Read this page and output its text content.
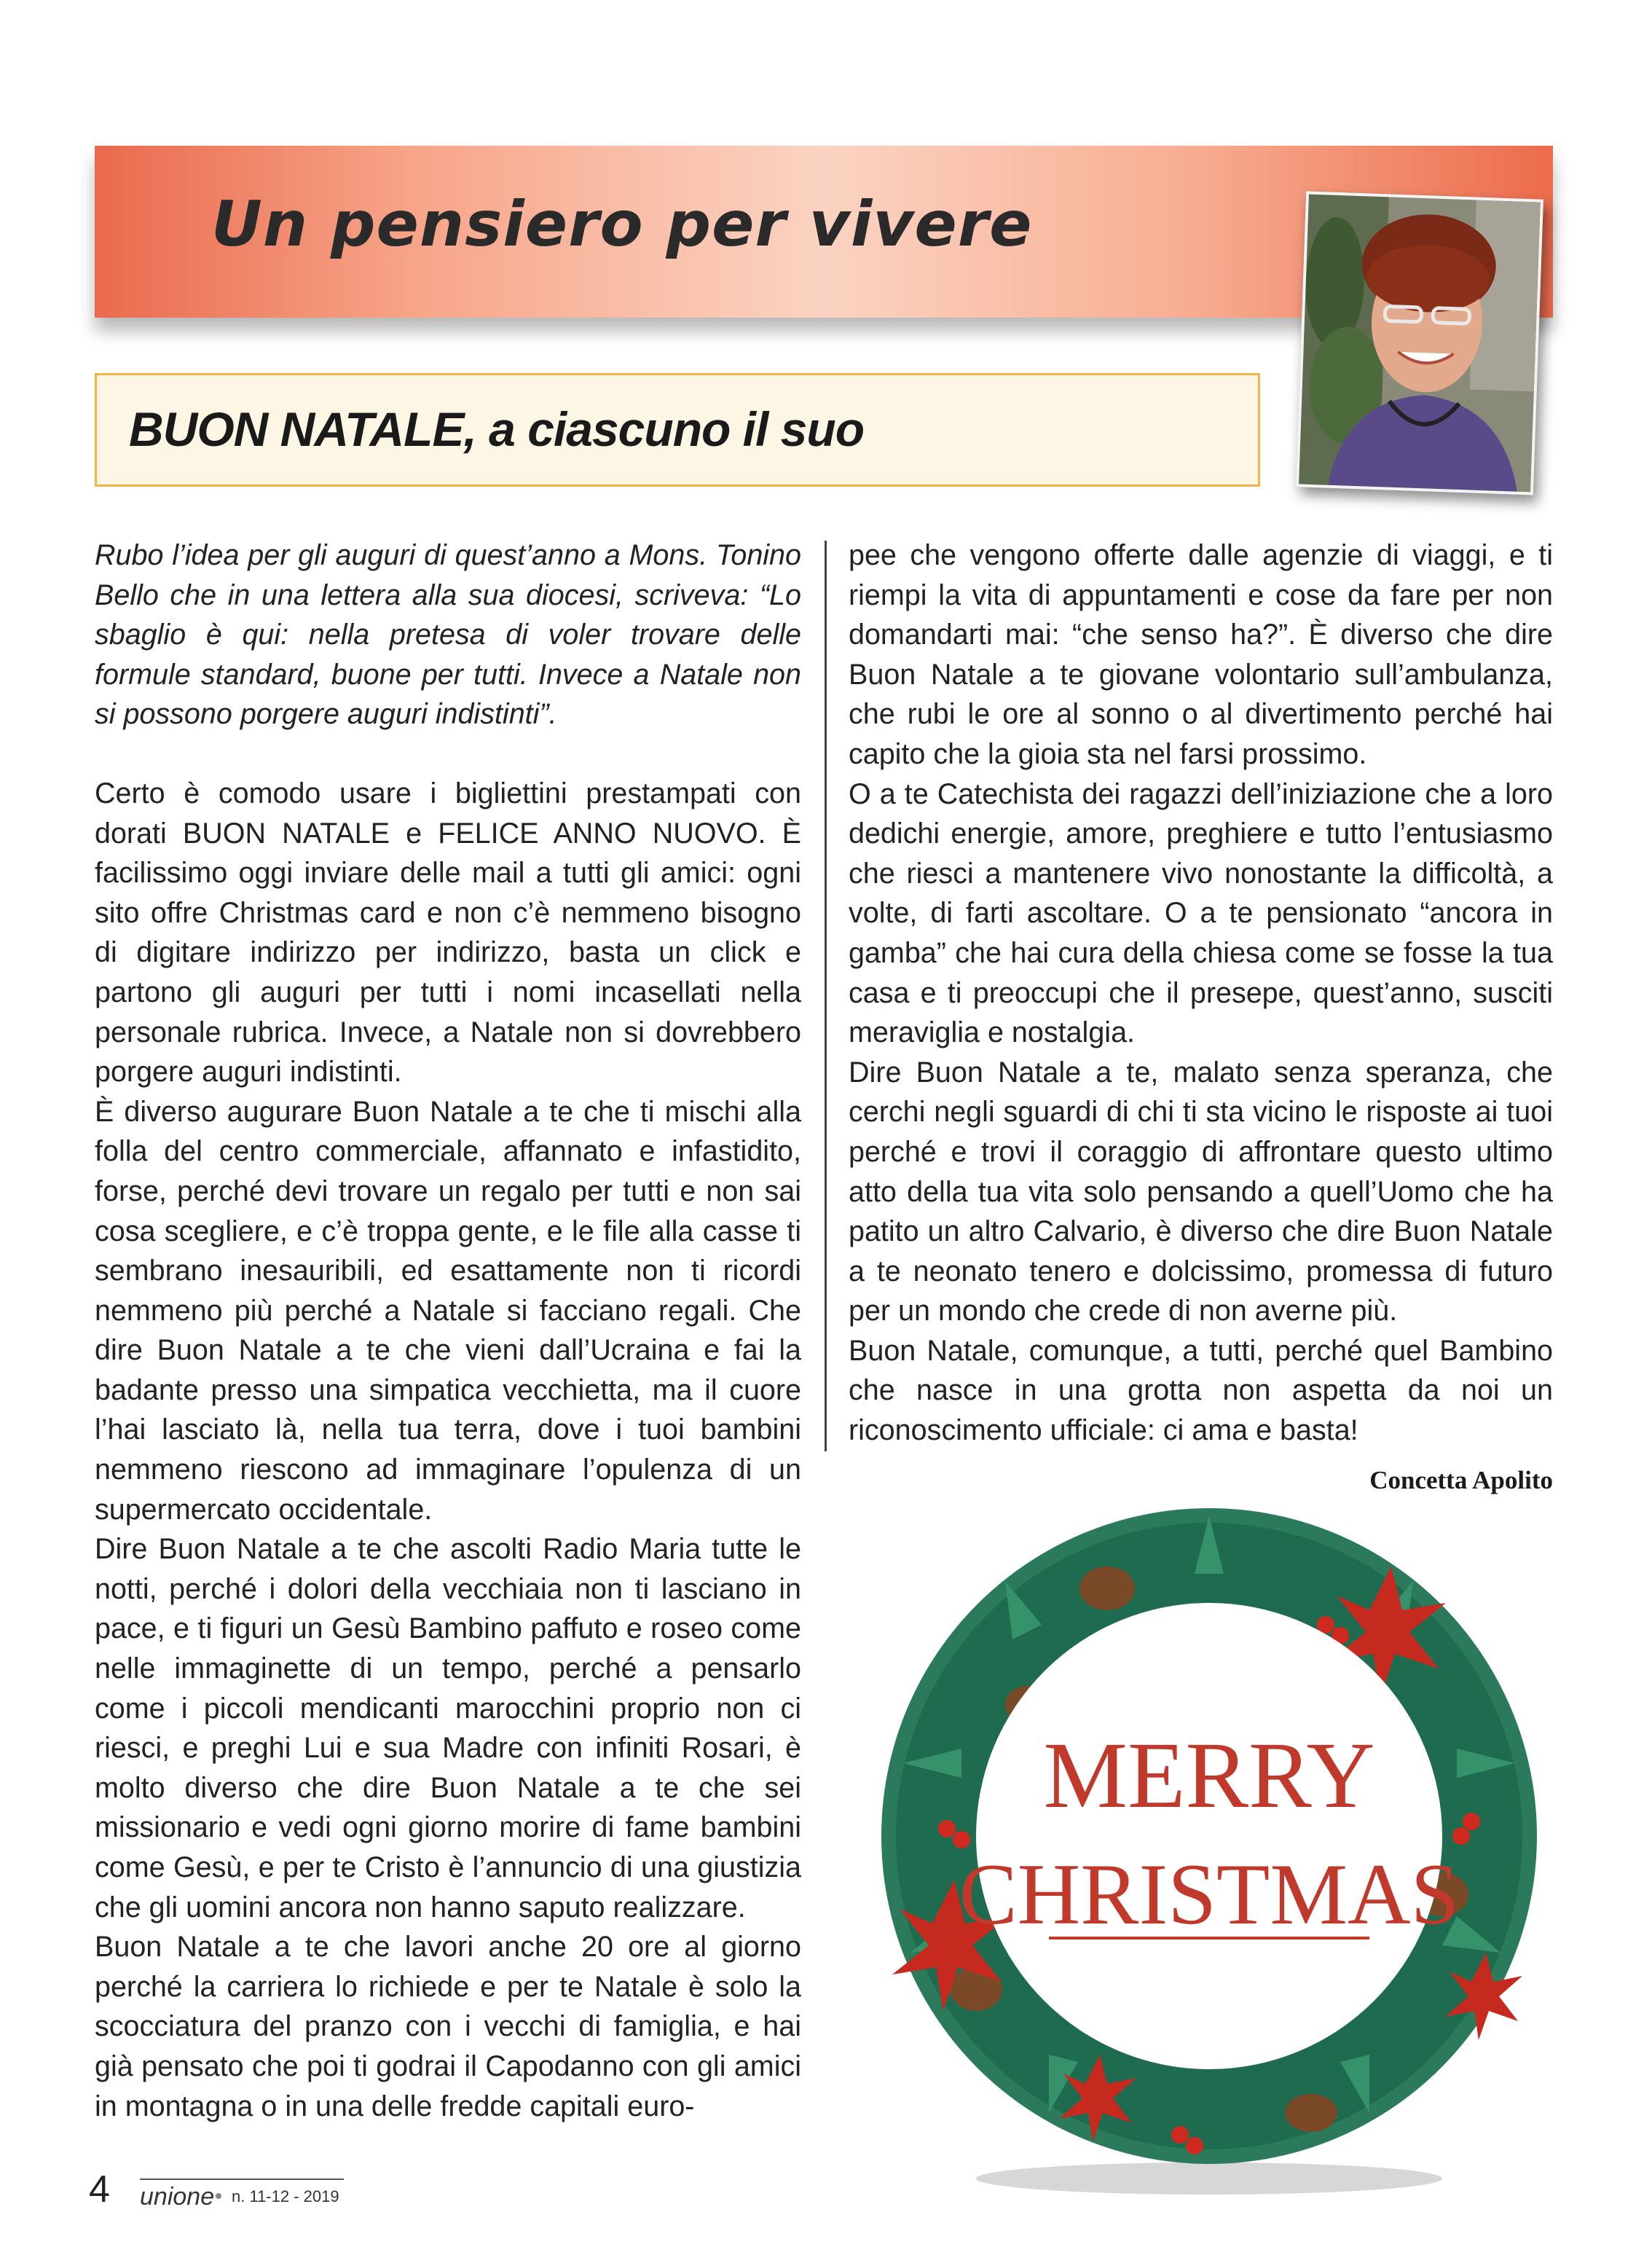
Un pensiero per vivere
BUON NATALE, a ciascuno il suo

Rubo l’idea per gli auguri di quest’anno a Mons. Tonino Bello che in una lettera alla sua diocesi, scriveva: “Lo sbaglio è qui: nella pretesa di voler trovare delle formule standard, buone per tutti. Invece a Natale non si possono porgere auguri indistinti”.

Certo è comodo usare i bigliettini prestampati con dorati BUON NATALE e FELICE ANNO NUOVO. È facilissimo oggi inviare delle mail a tutti gli amici: ogni sito offre Christmas card e non c’è nemmeno bisogno di digitare indirizzo per indirizzo, basta un click e partono gli auguri per tutti i nomi incasellati nella personale rubrica. Invece, a Natale non si dovrebbero porgere auguri indistinti.

È diverso augurare Buon Natale a te che ti mischi alla folla del centro commerciale, affannato e infastidito, forse, perché devi trovare un regalo per tutti e non sai cosa scegliere, e c’è troppa gente, e le file alla casse ti sembrano inesauribili, ed esattamente non ti ricordi nemmeno più perché a Natale si facciano regali. Che dire Buon Natale a te che vieni dall’Ucraina e fai la badante presso una simpatica vecchietta, ma il cuore l’hai lasciato là, nella tua terra, dove i tuoi bambini nemmeno riescono ad immaginare l’opulenza di un supermercato occidentale.

Dire Buon Natale a te che ascolti Radio Maria tutte le notti, perché i dolori della vecchiaia non ti lasciano in pace, e ti figuri un Gesù Bambino paffuto e roseo come nelle immaginette di un tempo, perché a pensarlo come i piccoli mendicanti marocchini proprio non ci riesci, e preghi Lui e sua Madre con infiniti Rosari, è molto diverso che dire Buon Natale a te che sei missionario e vedi ogni giorno morire di fame bambini come Gesù, e per te Cristo è l’annuncio di una giustizia che gli uomini ancora non hanno saputo realizzare.

Buon Natale a te che lavori anche 20 ore al giorno perché la carriera lo richiede e per te Natale è solo la scocciatura del pranzo con i vecchi di famiglia, e hai già pensato che poi ti godrai il Capodanno con gli amici in montagna o in una delle fredde capitali euro-

pee che vengono offerte dalle agenzie di viaggi, e ti riempi la vita di appuntamenti e cose da fare per non domandarti mai: “che senso ha?”. È diverso che dire Buon Natale a te giovane volontario sull’ambulanza, che rubi le ore al sonno o al divertimento perché hai capito che la gioia sta nel farsi prossimo.

O a te Catechista dei ragazzi dell’iniziazione che a loro dedichi energie, amore, preghiere e tutto l’entusiasmo che riesci a mantenere vivo nonostante la difficoltà, a volte, di farti ascoltare. O a te pensionato “ancora in gamba” che hai cura della chiesa come se fosse la tua casa e ti preoccupi che il presepe, quest’anno, susciti meraviglia e nostalgia.

Dire Buon Natale a te, malato senza speranza, che cerchi negli sguardi di chi ti sta vicino le risposte ai tuoi perché e trovi il coraggio di affrontare questo ultimo atto della tua vita solo pensando a quell’Uomo che ha patito un altro Calvario, è diverso che dire Buon Natale a te neonato tenero e dolcissimo, promessa di futuro per un mondo che crede di non averne più.

Buon Natale, comunque, a tutti, perché quel Bambino che nasce in una grotta non aspetta da noi un riconoscimento ufficiale: ci ama e basta!

Concetta Apolito

MERRY
CHRISTMAS
4 unione n. 11-12 - 2019
